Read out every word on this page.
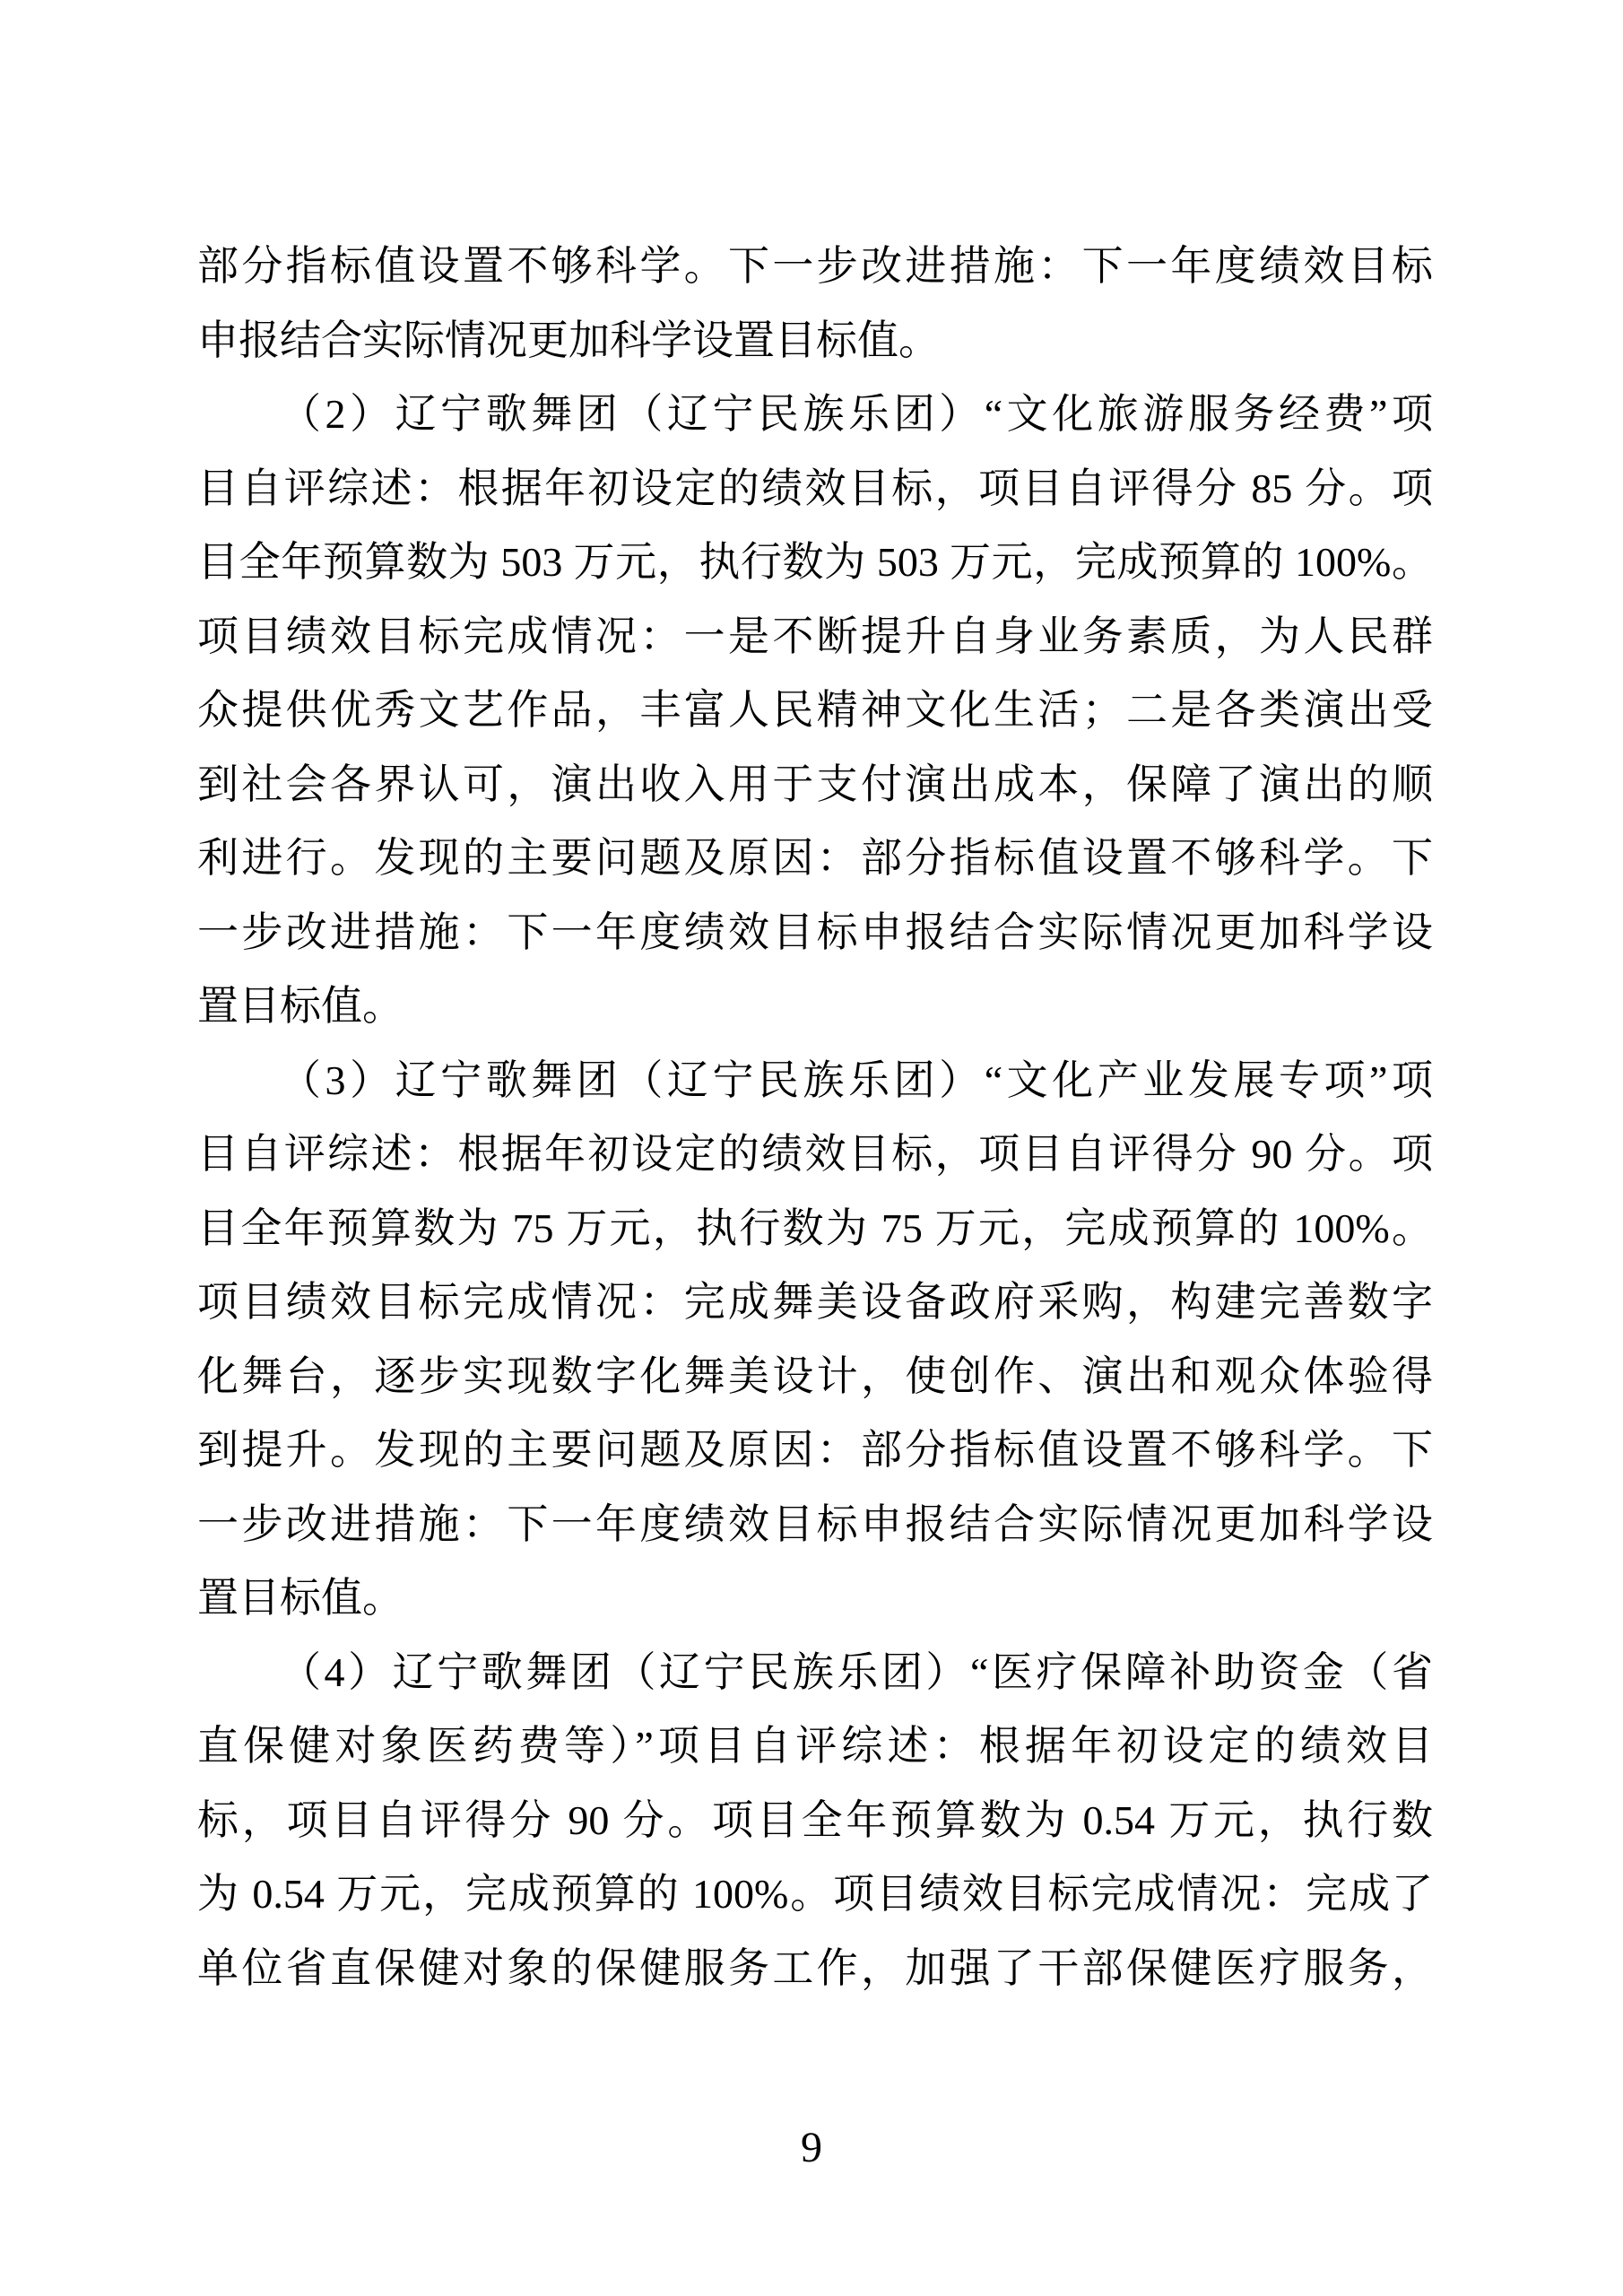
部分指标值设置不够科学。下一步改进措施：下一年度绩效目标
申报结合实际情况更加科学设置目标值。
（2）辽宁歌舞团（辽宁民族乐团）“文化旅游服务经费”项
目自评综述：根据年初设定的绩效目标，项目自评得分 85 分。项
目全年预算数为 503 万元，执行数为 503 万元，完成预算的 100%。
项目绩效目标完成情况：一是不断提升自身业务素质，为人民群
众提供优秀文艺作品，丰富人民精神文化生活；二是各类演出受
到社会各界认可，演出收入用于支付演出成本，保障了演出的顺
利进行。发现的主要问题及原因：部分指标值设置不够科学。下
一步改进措施：下一年度绩效目标申报结合实际情况更加科学设
置目标值。
（3）辽宁歌舞团（辽宁民族乐团）“文化产业发展专项”项
目自评综述：根据年初设定的绩效目标，项目自评得分 90 分。项
目全年预算数为 75 万元，执行数为 75 万元，完成预算的 100%。
项目绩效目标完成情况：完成舞美设备政府采购，构建完善数字
化舞台，逐步实现数字化舞美设计，使创作、演出和观众体验得
到提升。发现的主要问题及原因：部分指标值设置不够科学。下
一步改进措施：下一年度绩效目标申报结合实际情况更加科学设
置目标值。
（4）辽宁歌舞团（辽宁民族乐团）“医疗保障补助资金（省
直保健对象医药费等）”项目自评综述：根据年初设定的绩效目
标，项目自评得分 90 分。项目全年预算数为 0.54 万元，执行数
为 0.54 万元，完成预算的 100%。项目绩效目标完成情况：完成了
单位省直保健对象的保健服务工作，加强了干部保健医疗服务，
9
